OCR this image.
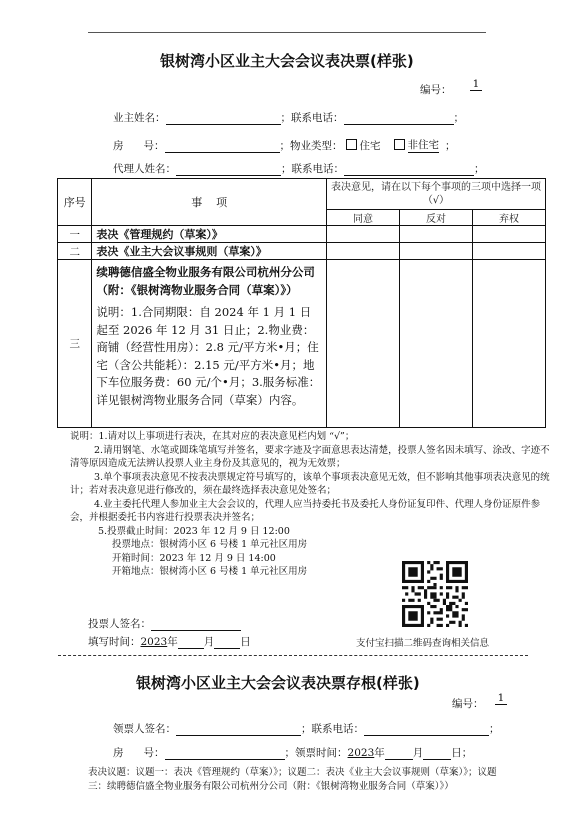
银树湾小区业主大会会议表决票(样张)
编号： 1
业主姓名：	；联系电话：	；
房      号：	；物业类型： 住宅	非住宅 ；
代理人姓名：	；联系电话：	；
序号	事    项	表决意见，请在以下每个事项的三项中选择一项（√）		
		同意	反对	弃权
一	表决《管理规约（草案）》			
二	表决《业主大会议事规则（草案）》			
三	续聘德信盛全物业服务有限公司杭州分公司（附：《银树湾物业服务合同（草案）》）
说明：1.合同期限：自 2024 年 1 月 1 日起至 2026 年 12 月 31 日止；2.物业费：商铺（经营性用房）：2.8 元/平方米•月；住宅（含公共能耗）：2.15 元/平方米•月；地下车位服务费：60 元/个•月；3.服务标准：详见银树湾物业服务合同（草案）内容。			

说明：1.请对以上事项进行表决，在其对应的表决意见栏内划 “√”；

2.请用钢笔、水笔或圆珠笔填写并签名，要求字迹及字面意思表达清楚，投票人签名因未填写、涂改、字迹不清等原因造成无法辨认投票人业主身份及其意见的，视为无效票；

3.单个事项表决意见不按表决票规定符号填写的，该单个事项表决意见无效，但不影响其他事项表决意见的统计；若对表决意见进行修改的，须在最终选择表决意见处签名；

4.业主委托代理人参加业主大会会议的，代理人应当持委托书及委托人身份证复印件、代理人身份证原件参会，并根据委托书内容进行投票表决并签名；

5.投票截止时间：2023 年 12 月 9 日 12:00

投票地点：银树湾小区 6 号楼 1 单元社区用房

开箱时间：2023 年 12 月 9 日 14:00

开箱地点：银树湾小区 6 号楼 1 单元社区用房

投票人签名：
填写时间：2023年 月 日	支付宝扫描二维码查询相关信息
银树湾小区业主大会会议表决票存根(样张)
编号： 1
领票人签名：	；联系电话：	；
房      号：	；领票时间：2023年	月	日；
表决议题：议题一：表决《管理规约（草案）》；议题二：表决《业主大会议事规则（草案）》；议题三：续聘德信盛全物业服务有限公司杭州分公司（附：《银树湾物业服务合同（草案）》）
